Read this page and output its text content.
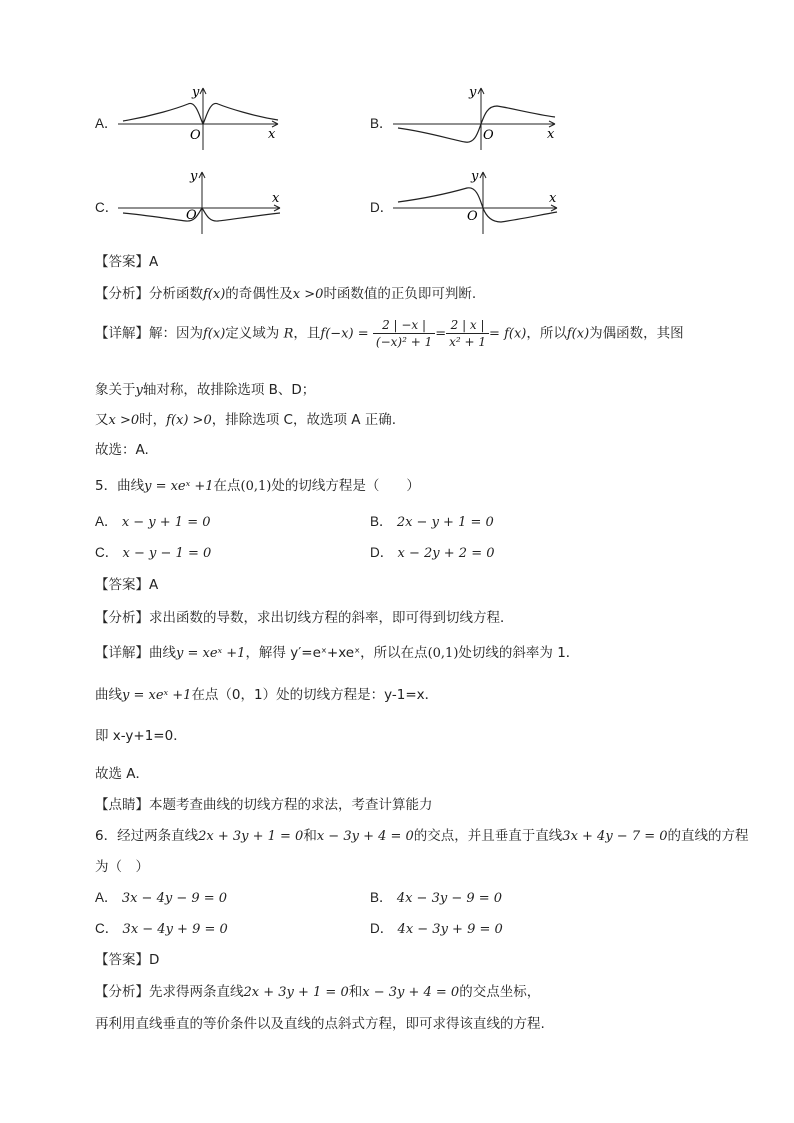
A．
x
y
O
B．
x
y
O
C．
x
y
O
D．
x
y
O
【答案】A
【分析】分析函数f(x)的奇偶性及x >0时函数值的正负即可判断.
【详解】解：因为f(x)定义域为 R，且$f(-x) = \frac{2 | -x |}{\text{(−x)² + 1}} = \frac{2 | x |}{\text{x² + 1}} = f(x)$，所以f(x)为偶函数，其图
象关于y轴对称，故排除选项 B、D；
又x >0时，f(x) >0，排除选项 C，故选项 A 正确.
故选：A.
5．曲线y = xeˣ +1在点(0,1)处的切线方程是（　　）
A． x − y + 1 = 0	B． 2x − y + 1 = 0
C． x − y − 1 = 0	D． x − 2y + 2 = 0
【答案】A
【分析】求出函数的导数，求出切线方程的斜率，即可得到切线方程．
【详解】曲线y = xeˣ +1，解得 y′=eˣ+xeˣ，所以在点(0,1)处切线的斜率为 1．
曲线y = xeˣ +1在点（0，1）处的切线方程是：y-1=x．
即 x-y+1=0．
故选 A．
【点睛】本题考查曲线的切线方程的求法，考查计算能力
6．经过两条直线2x + 3y + 1 = 0和x − 3y + 4 = 0的交点，并且垂直于直线3x + 4y − 7 = 0的直线的方程
为（　）
A． 3x − 4y − 9 = 0	B． 4x − 3y − 9 = 0
C． 3x − 4y + 9 = 0	D． 4x − 3y + 9 = 0
【答案】D
【分析】先求得两条直线2x + 3y + 1 = 0和x − 3y + 4 = 0的交点坐标，
再利用直线垂直的等价条件以及直线的点斜式方程，即可求得该直线的方程.
